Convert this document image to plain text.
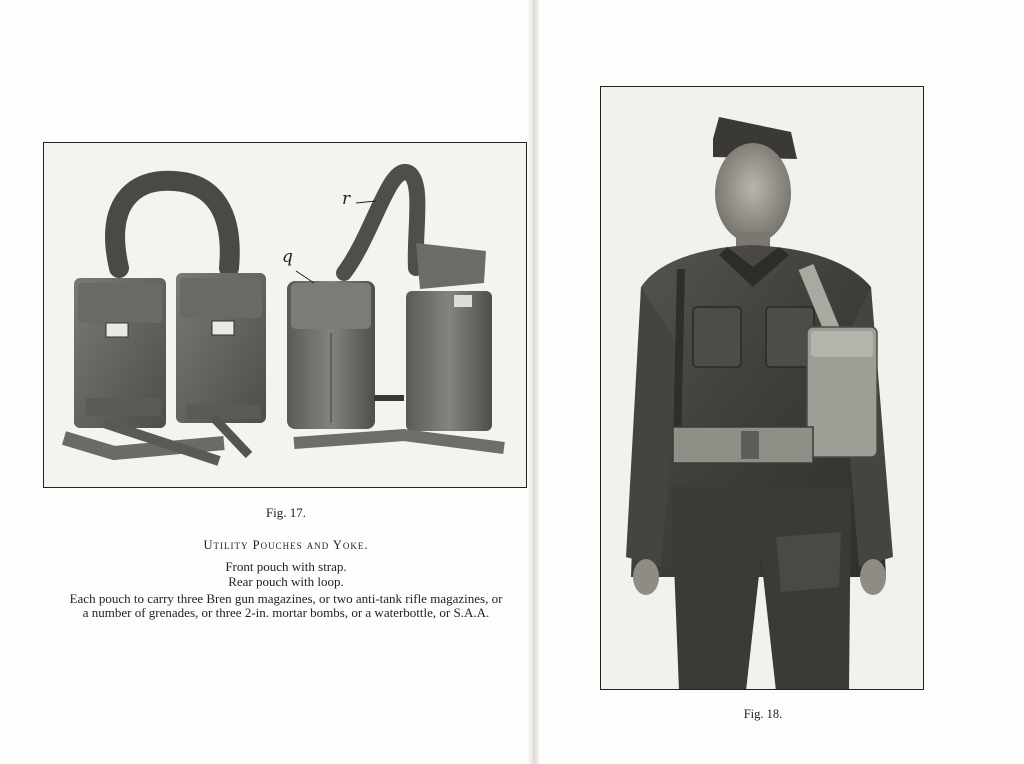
q
r
Fig. 17.
Utility Pouches and Yoke.
Front pouch with strap.
Rear pouch with loop.
Each pouch to carry three Bren gun magazines, or two anti-tank rifle magazines, or a number of grenades, or three 2-in. mortar bombs, or a waterbottle, or S.A.A.
Fig. 18.
